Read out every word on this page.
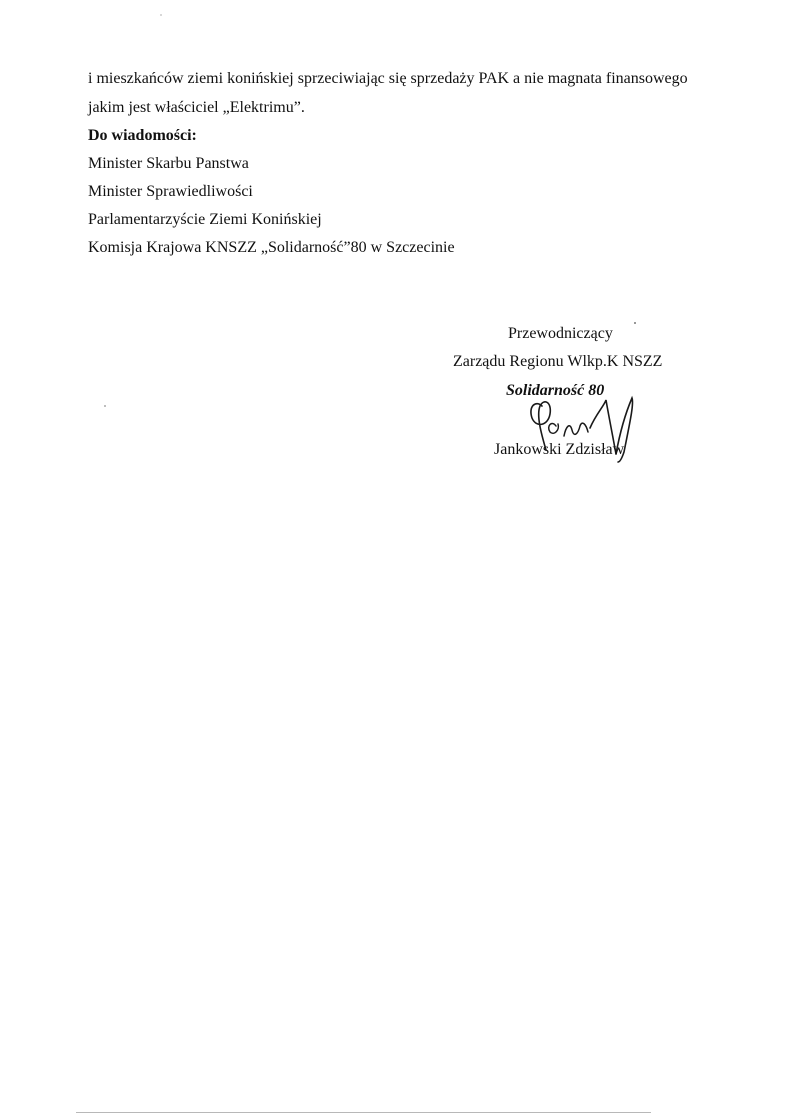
i mieszkańców ziemi konińskiej sprzeciwiając się sprzedaży PAK a nie magnata finansowego
jakim jest właściciel „Elektrimu”.
Do wiadomości:
Minister Skarbu Panstwa
Minister Sprawiedliwości
Parlamentarzyście Ziemi Konińskiej
Komisja Krajowa KNSZZ „Solidarność”80 w Szczecinie
Przewodniczący
Zarządu Regionu Wlkp.K NSZZ
Solidarność 80
Jankowski Zdzisław
